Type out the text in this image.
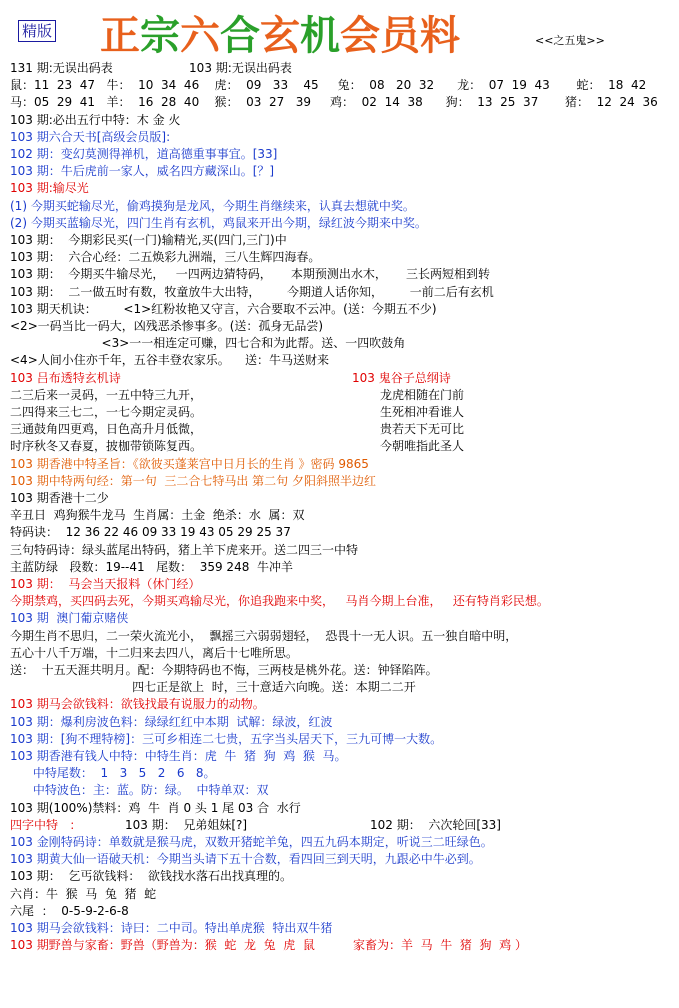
精版 正宗六合玄机会员料	<<之五鬼>>
131 期:无误出码表                    103 期:无误出码表
鼠：11  23  47   牛：  10  34  46    虎：  09   33    45     兔：  08   20  32      龙：  07  19  43       蛇：  18  42
马：05  29  41   羊：  16  28  40    猴：  03  27   39     鸡：  02  14  38      狗：  13  25  37       猪：  12  24  36
103 期:必出五行中特：木 金 火
103 期六合天书[高级会员版]:
102 期：变幻莫测得禅机，道高德重事事宜。[33]
103 期：牛后虎前一家人，威名四方藏深山。[？]
103 期:输尽光
(1) 今期买蛇输尽光，偷鸡摸狗是龙风，今期生肖继续来，认真去想就中奖。
(2) 今期买蓝输尽光，四门生肖有玄机，鸡鼠来开出今期，绿红波今期来中奖。
103 期：  今期彩民买(一门)输精光,买(四门,三门)中
103 期：  六合心经：二五焕彩九洲端，三八生辉四海春。
103 期：  今期买牛输尽光，   一四两边猜特码，     本期预测出水木，     三长两短相到转
103 期：  二一做五时有数，牧童放牛大出特，       今期道人话你知，       一前二后有玄机
103 期天机诀：       <1>红粉妆艳又守言，六合要取不云冲。(送：今期五不少)
<2>一码当比一码大，凶残恶杀惨事多。(送：孤身无品尝)
<3>一一相连定可赚，四七合和为此帮。送、一四吹鼓角
<4>人间小住亦千年，五谷丰登农家乐。    送：牛马送财来
103 吕布透特玄机诗	103 鬼谷子总纲诗
二三后来一灵码，一五中特三九开，	龙虎相随在门前
二四得来三七二，一七今期定灵码。	生死相冲看谁人
三通鼓角四更鸡，日色高升月低微，	贵若天下无可比
时序秋冬又春夏，披枷带锁陈复西。	今朝唯指此圣人
103 期香港中特圣旨：《欲彼买蓬莱宫中日月长的生肖 》密码 9865
103 期中特两句经：第一句  三二合七特马出 第二句 夕阳斜照半边红
103 期香港十二少
辛丑日  鸡狗猴牛龙马  生肖属：土金  绝杀：水  属：双
特码诀：  12 36 22 46 09 33 19 43 05 29 25 37
三句特码诗：绿头蓝尾出特码，猪上羊下虎来开。送二四三一中特
主蓝防绿   段数：19--41   尾数：  359 248  牛冲羊
103 期：  马会当天报料（休门经）
今期禁鸡，买四码去死，今期买鸡输尽光，你追我跑来中奖，   马肖今期上台准，   还有特肖彩民想。
103 期  澳门葡京赌侠
今期生肖不思归，二一荣火流光小，  飘摇三六弱弱翅轻，  恐畏十一无人识。五一独自暗中明，
五心十八千万端，十二归来去四八，离后十七唯所思。
送：  十五天涯共明月。配：今期特码也不悔，三两枝是桃外花。送：钟铎陷阵。
四七正是欲上  时，三十意适六向晚。送：本期二二开
103 期马会欲钱料：欲钱找最有说服力的动物。
103 期：爆利房波色料：绿绿红红中本期  试解：绿波，红波
103 期：[狗不理特榜]：三可乡相连二七贵，五字当头居天下，三九可博一大数。
103 期香港有钱人中特：中特生肖：虎  牛  猪  狗  鸡  猴  马。
中特尾数：  1   3   5   2   6   8。
中特波色：主：蓝。防：绿。  中特单双：双
103 期(100%)禁料：鸡  牛  肖 0 头 1 尾 03 合  水行
四字中特   ：	103 期：  兄弟姐妹[?]	102 期：  六次轮回[33]
103 金刚特码诗：单数就是猴马虎，双数开猪蛇羊兔，四五九码本期定，听说三二旺绿色。
103 期黄大仙一语破天机：今期当头请下五十合数，看四回三到天明，九跟必中牛必到。
103 期：  乞丐欲钱料：  欲钱找水落石出找真理的。
六肖：牛  猴  马  兔  猪  蛇
六尾  ：  0-5-9-2-6-8
103 期马会欲钱料：诗曰：二中司。特出单虎猴  特出双牛猪
103 期野兽与家畜：野兽（野兽为：猴  蛇  龙  兔  虎  鼠          家畜为：羊  马  牛  猪  狗  鸡 ）
